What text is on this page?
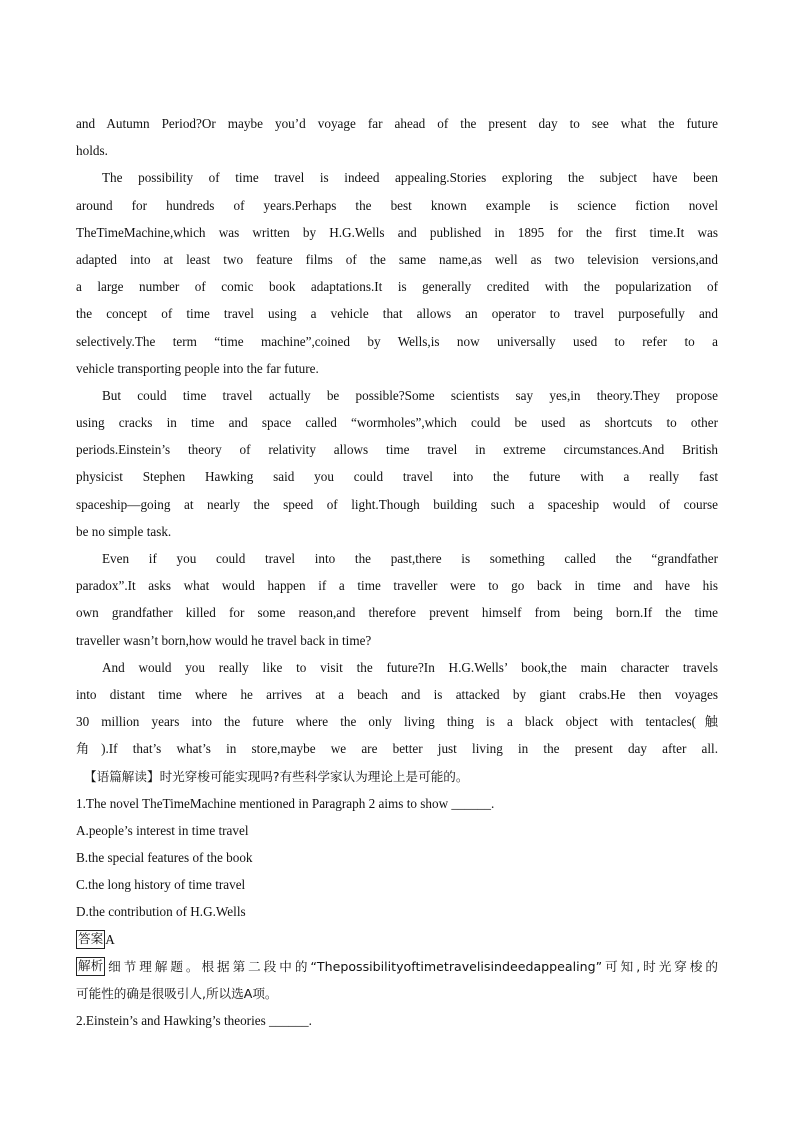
and Autumn Period?Or maybe you’d voyage far ahead of the present day to see what the future
holds.
The possibility of time travel is indeed appealing.Stories exploring the subject have been
around for hundreds of years.Perhaps the best known example is science fiction novel
TheTimeMachine,which was written by H.G.Wells and published in 1895 for the first time.It was
adapted into at least two feature films of the same name,as well as two television versions,and
a large number of comic book adaptations.It is generally credited with the popularization of
the concept of time travel using a vehicle that allows an operator to travel purposefully and
selectively.The term “time machine”,coined by Wells,is now universally used to refer to a
vehicle transporting people into the far future.
But could time travel actually be possible?Some scientists say yes,in theory.They propose
using cracks in time and space called “wormholes”,which could be used as shortcuts to other
periods.Einstein’s theory of relativity allows time travel in extreme circumstances.And British
physicist Stephen Hawking said you could travel into the future with a really fast
spaceship—going at nearly the speed of light.Though building such a spaceship would of course
be no simple task.
Even if you could travel into the past,there is something called the “grandfather
paradox”.It asks what would happen if a time traveller were to go back in time and have his
own grandfather killed for some reason,and therefore prevent himself from being born.If the time
traveller wasn’t born,how would he travel back in time?
And would you really like to visit the future?In H.G.Wells’ book,the main character travels
into distant time where he arrives at a beach and is attacked by giant crabs.He then voyages
30 million years into the future where the only living thing is a black object with tentacles(触
角).If that’s what’s in store,maybe we are better just living in the present day after all.
【语篇解读】时光穿梭可能实现吗?有些科学家认为理论上是可能的。
1.The novel TheTimeMachine mentioned in Paragraph 2 aims to show ______.
A.people’s interest in time travel
B.the special features of the book
C.the long history of time travel
D.the contribution of H.G.Wells
答案 A
解析 细节理解题。根据第二段中的“Thepossibilityoftimetravelisindeedappealing”可知,时光穿梭的
可能性的确是很吸引人,所以选A项。
2.Einstein’s and Hawking’s theories ______.
